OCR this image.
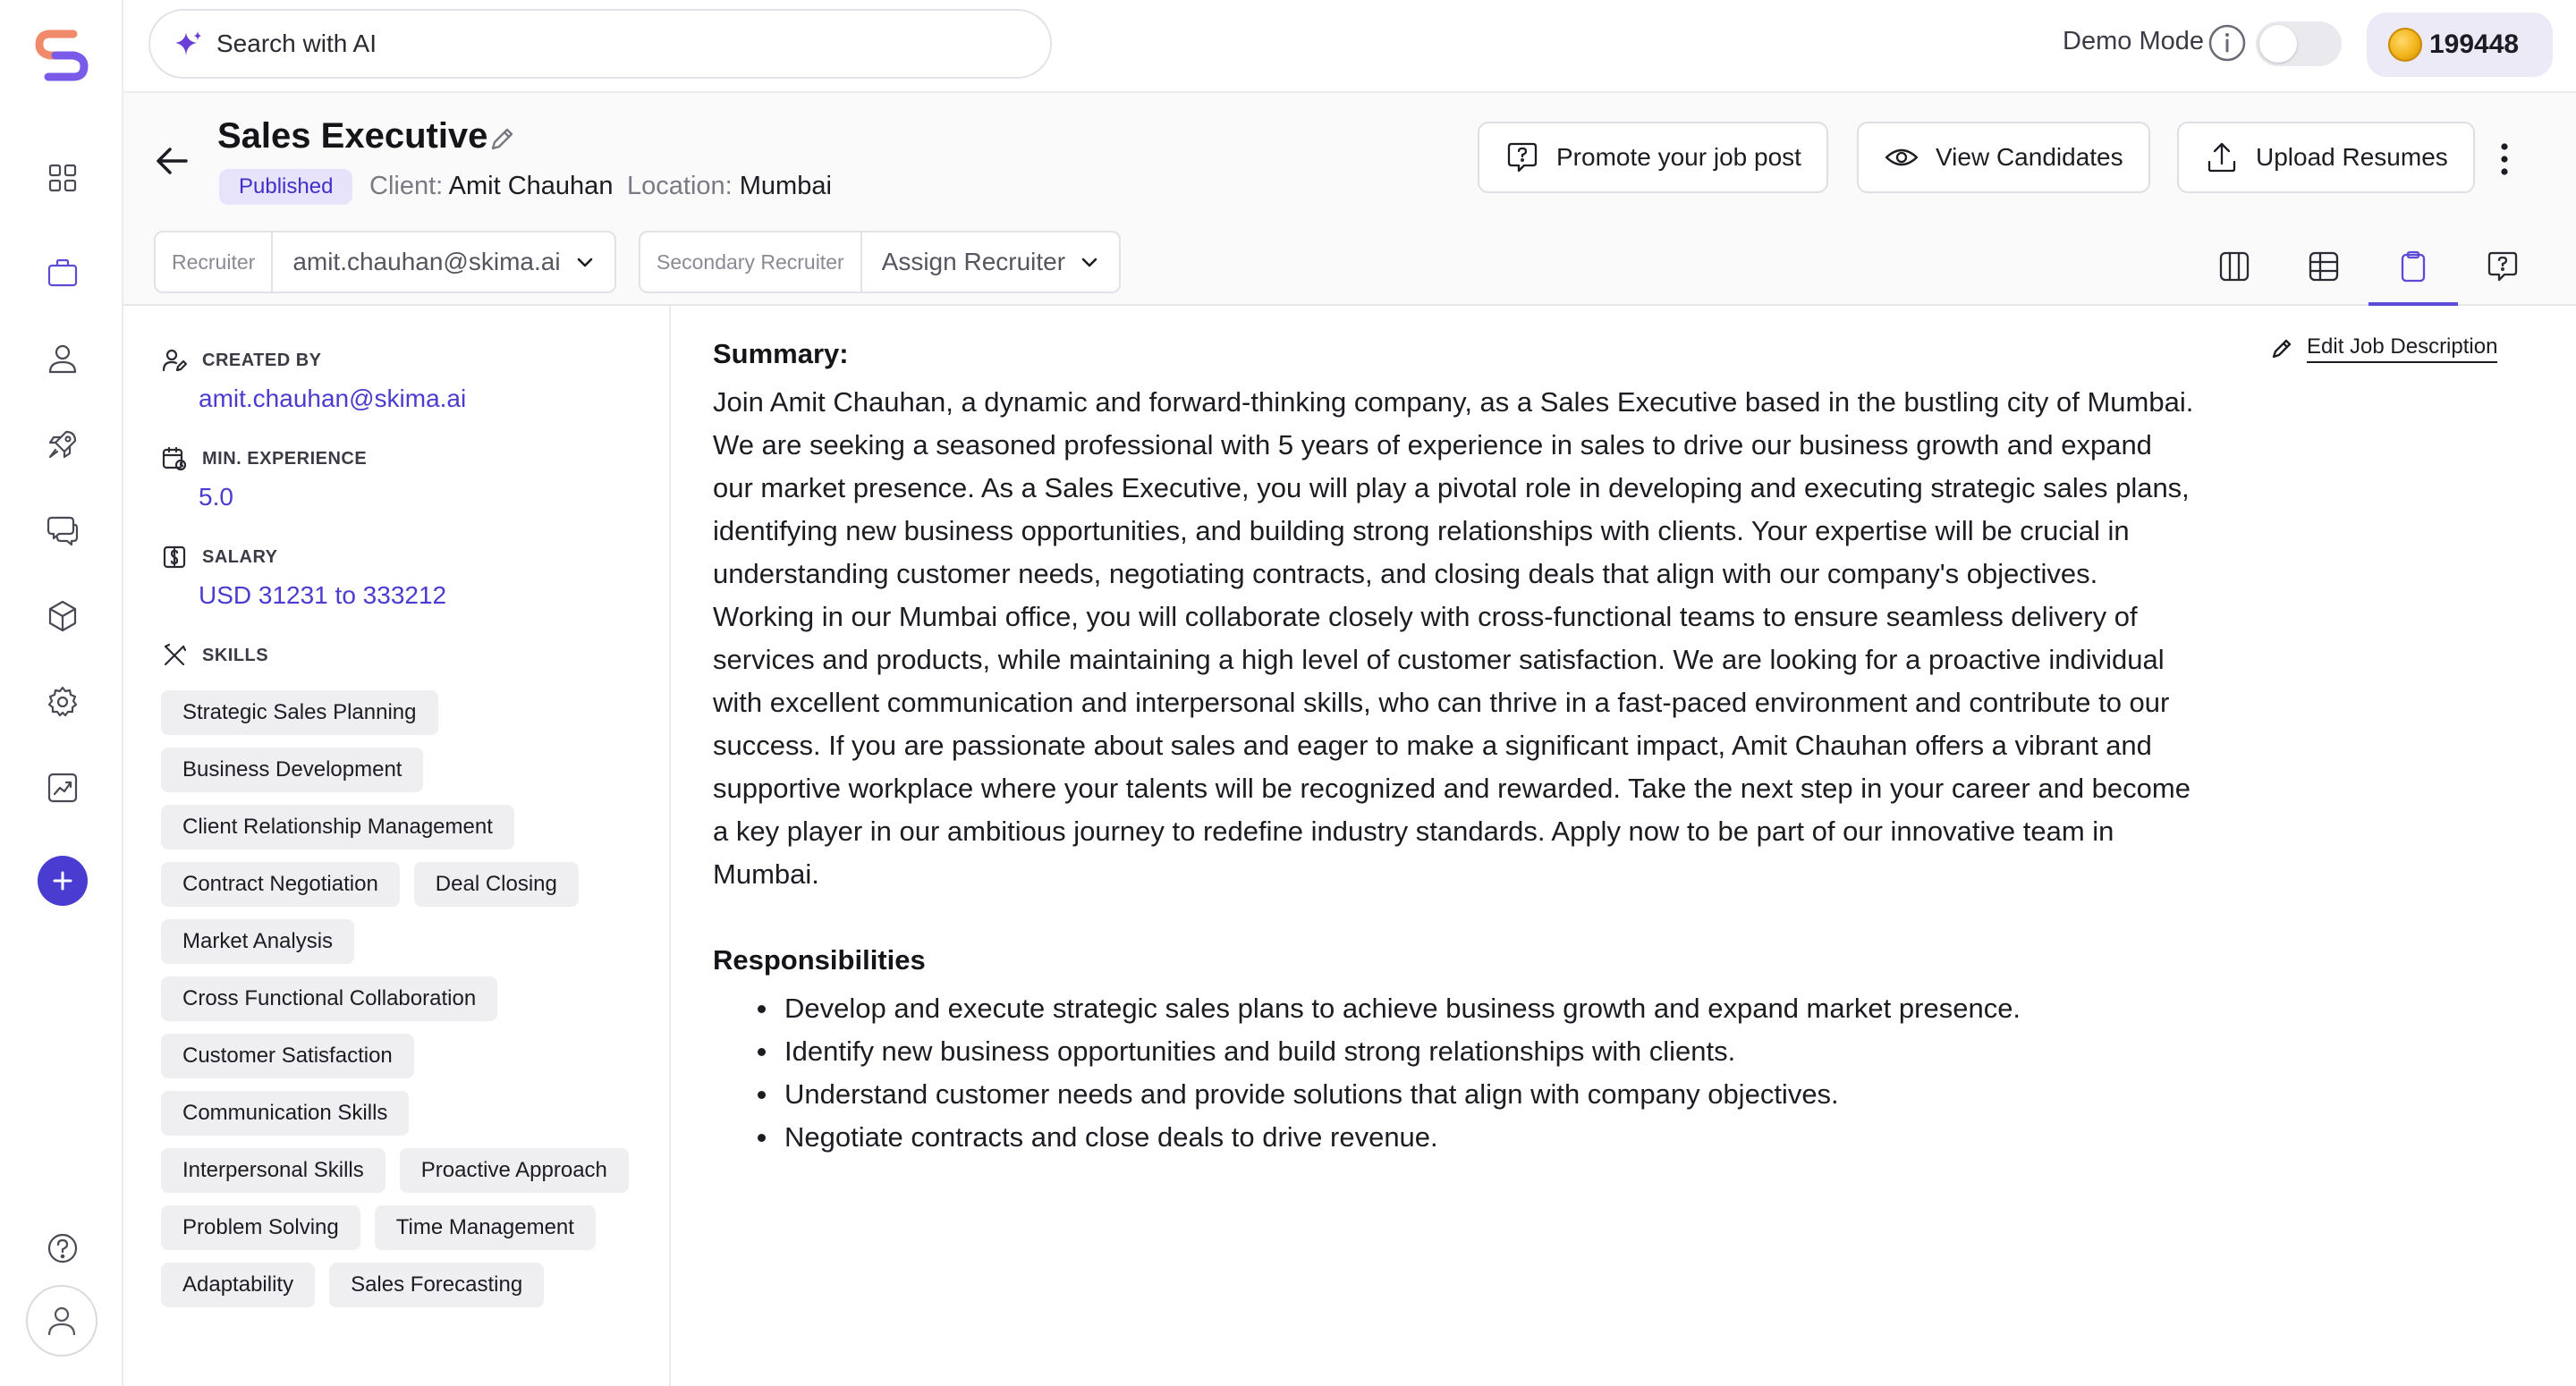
Search with AI	Demo Mode	199448
Sales Executive
Published	Client: Amit Chauhan Location: Mumbai
Promote your job post	View Candidates	Upload Resumes
Recruiter	amit.chauhan@skima.ai	Secondary Recruiter	Assign Recruiter
CREATED BY
amit.chauhan@skima.ai
MIN. EXPERIENCE
5.0
SALARY
USD 31231 to 333212
SKILLS
Strategic Sales Planning
Business Development
Client Relationship Management
Contract Negotiation	Deal Closing
Market Analysis
Cross Functional Collaboration
Customer Satisfaction
Communication Skills
Interpersonal Skills	Proactive Approach
Problem Solving	Time Management
Adaptability	Sales Forecasting
Summary:

Join Amit Chauhan, a dynamic and forward-thinking company, as a Sales Executive based in the bustling city of Mumbai. We are seeking a seasoned professional with 5 years of experience in sales to drive our business growth and expand our market presence. As a Sales Executive, you will play a pivotal role in developing and executing strategic sales plans, identifying new business opportunities, and building strong relationships with clients. Your expertise will be crucial in understanding customer needs, negotiating contracts, and closing deals that align with our company's objectives. Working in our Mumbai office, you will collaborate closely with cross-functional teams to ensure seamless delivery of services and products, while maintaining a high level of customer satisfaction. We are looking for a proactive individual with excellent communication and interpersonal skills, who can thrive in a fast-paced environment and contribute to our success. If you are passionate about sales and eager to make a significant impact, Amit Chauhan offers a vibrant and supportive workplace where your talents will be recognized and rewarded. Take the next step in your career and become a key player in our ambitious journey to redefine industry standards. Apply now to be part of our innovative team in Mumbai.

Responsibilities
Develop and execute strategic sales plans to achieve business growth and expand market presence.
Identify new business opportunities and build strong relationships with clients.
Understand customer needs and provide solutions that align with company objectives.
Negotiate contracts and close deals to drive revenue.
Edit Job Description
